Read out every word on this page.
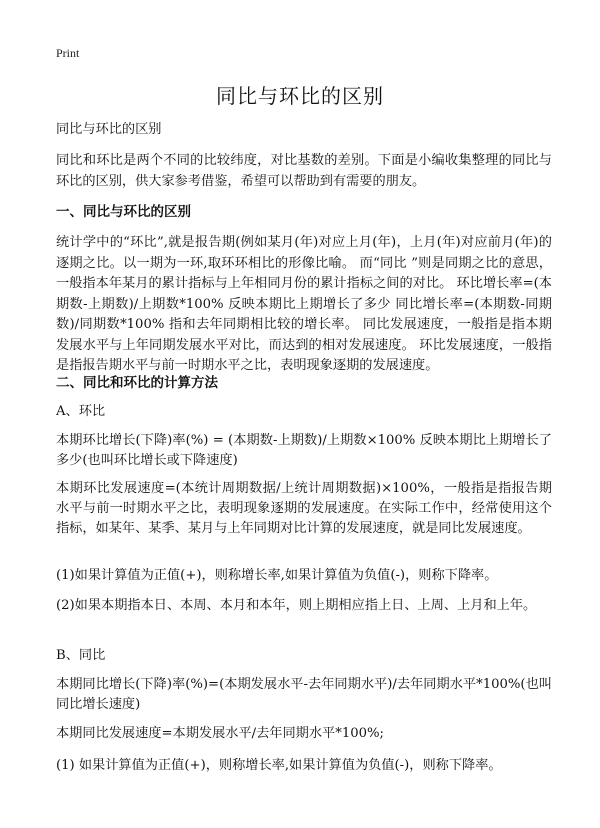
Print
同比与环比的区别

同比与环比的区别

同比和环比是两个不同的比较纬度，对比基数的差别。下面是小编收集整理的同比与环比的区别，供大家参考借鉴，希望可以帮助到有需要的朋友。

一、同比与环比的区别

统计学中的“环比”,就是报告期(例如某月(年)对应上月(年)，上月(年)对应前月(年)的逐期之比。以一期为一环,取环环相比的形像比喻。 而“同比 ”则是同期之比的意思，一般指本年某月的累计指标与上年相同月份的累计指标之间的对比。 环比增长率=(本期数-上期数)/上期数*100% 反映本期比上期增长了多少 同比增长率=(本期数-同期数)/同期数*100% 指和去年同期相比较的增长率。 同比发展速度，一般指是指本期发展水平与上年同期发展水平对比，而达到的相对发展速度。 环比发展速度，一般指是指报告期水平与前一时期水平之比，表明现象逐期的发展速度。

二、同比和环比的计算方法

A、环比

本期环比增长(下降)率(%) = (本期数-上期数)/上期数×100% 反映本期比上期增长了多少(也叫环比增长或下降速度)

本期环比发展速度=(本统计周期数据/上统计周期数据)×100%，一般指是指报告期水平与前一时期水平之比，表明现象逐期的发展速度。在实际工作中，经常使用这个指标，如某年、某季、某月与上年同期对比计算的发展速度，就是同比发展速度。

(1)如果计算值为正值(+)，则称增长率,如果计算值为负值(-)，则称下降率。

(2)如果本期指本日、本周、本月和本年，则上期相应指上日、上周、上月和上年。

B、同比

本期同比增长(下降)率(%)=(本期发展水平-去年同期水平)/去年同期水平*100%(也叫同比增长速度)

本期同比发展速度=本期发展水平/去年同期水平*100%;

(1) 如果计算值为正值(+)，则称增长率,如果计算值为负值(-)，则称下降率。
